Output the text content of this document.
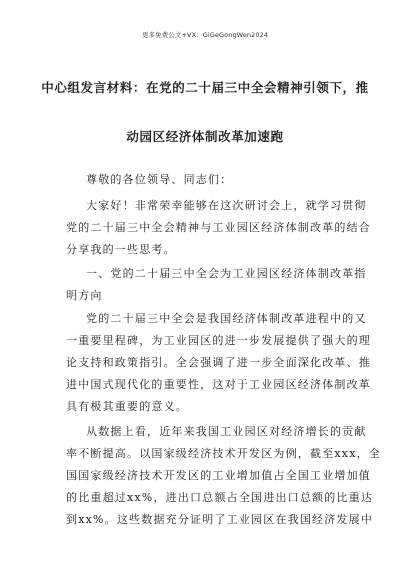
更多免费公文+VX：GiGeGongWen2024
中心组发言材料：在党的二十届三中全会精神引领下，推
动园区经济体制改革加速跑
尊敬的各位领导、同志们：
大家好！非常荣幸能够在这次研讨会上，就学习贯彻
党的二十届三中全会精神与工业园区经济体制改革的结合
分享我的一些思考。
一、党的二十届三中全会为工业园区经济体制改革指
明方向
党的二十届三中全会是我国经济体制改革进程中的又
一重要里程碑，为工业园区的进一步发展提供了强大的理
论支持和政策指引。全会强调了进一步全面深化改革、推
进中国式现代化的重要性，这对于工业园区经济体制改革
具有极其重要的意义。
从数据上看，近年来我国工业园区对经济增长的贡献
率不断提高。以国家级经济技术开发区为例，截至xxx，全
国国家级经济技术开发区的工业增加值占全国工业增加值
的比重超过xx%，进出口总额占全国进出口总额的比重达
到xx%。这些数据充分证明了工业园区在我国经济发展中
